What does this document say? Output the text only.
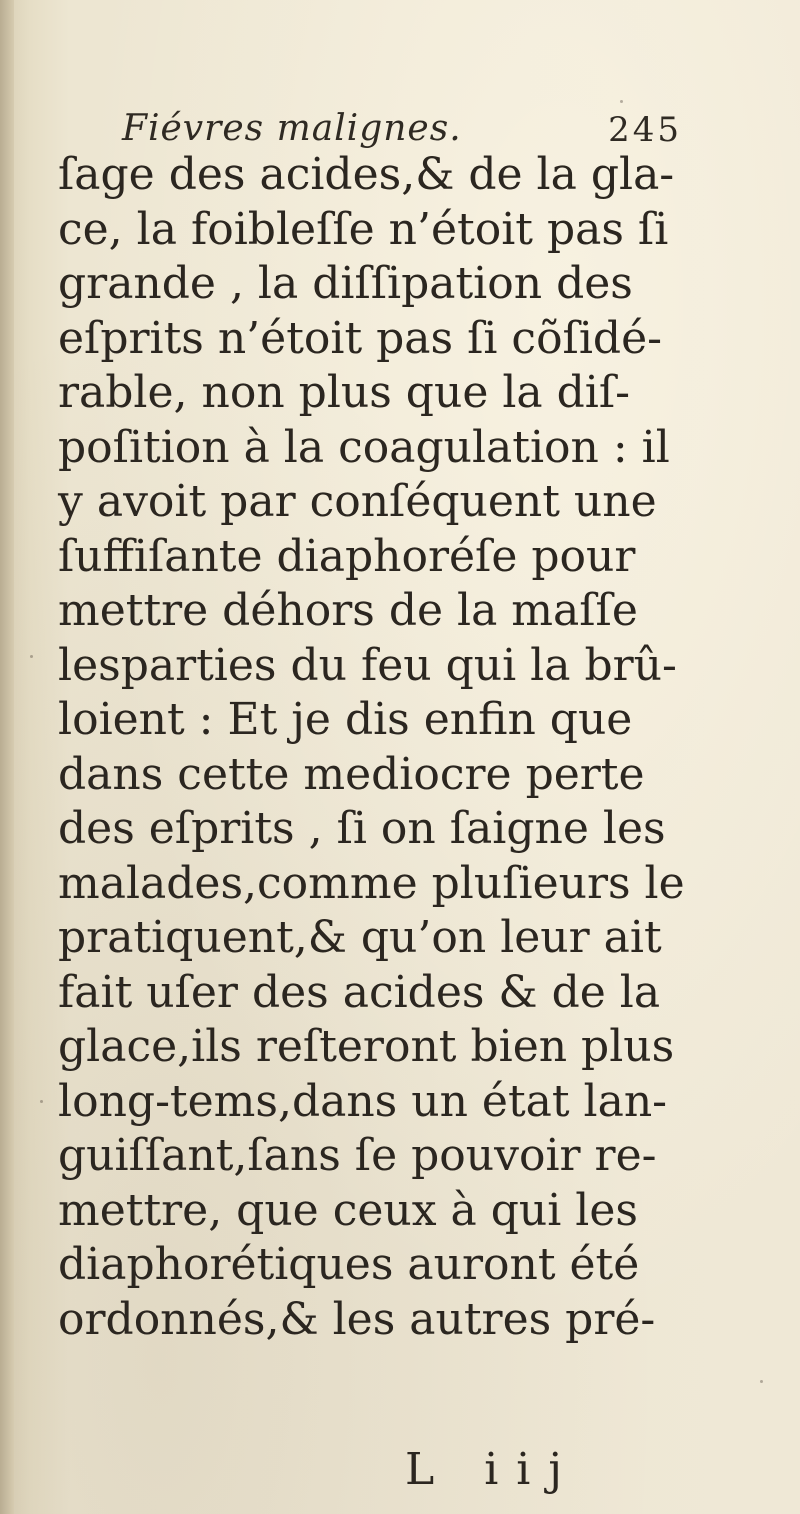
Fiévres malignes.	245
ſage des acides,& de la gla-
ce, la foibleſſe n’étoit pas ſi
grande , la diſſipation des
eſprits n’étoit pas ſi cõſidé-
rable, non plus que la diſ-
poſition à la coagulation : il
y avoit par conſéquent une
ſuffiſante diaphoréſe pour
mettre déhors de la maſſe
lesparties du feu qui la brû-
loient : Et je dis enfin que
dans cette mediocre perte
des eſprits , ſi on ſaigne les
malades,comme pluſieurs le
pratiquent,& qu’on leur ait
fait uſer des acides & de la
glace,ils reſteront bien plus
long-tems,dans un état lan-
guiſſant,ſans ſe pouvoir re-
mettre, que ceux à qui les
diaphorétiques auront été
ordonnés,& les autres pré-
L iij
